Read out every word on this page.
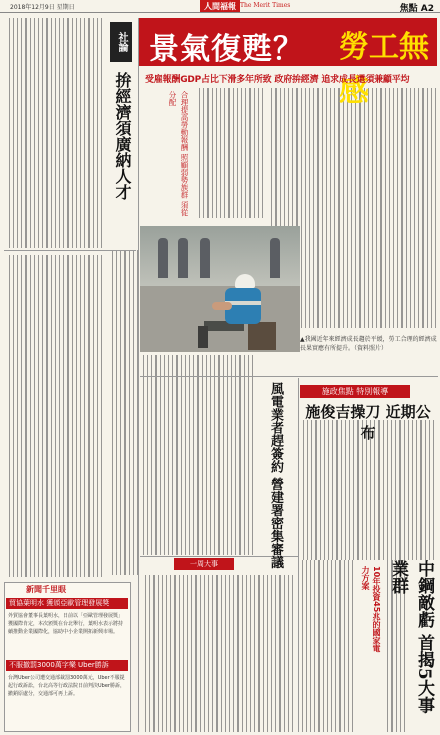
2018年12月9日 星期日	人間福報 The Merit Times	焦點 A2
社論
拚經濟須廣納人才
景氣復甦？ 勞工無感
受雇報酬GDP占比下滑多年所致 政府拚經濟 追求成長還須兼顧平均
合理提高勞動報酬 照顧弱勢族群 須從分配
▲我國近年來經濟成長趨於平緩，勞工合理的經濟成長果實應有所提升。（資料照片）
風電業者趕簽約 營建署密集審議	施政焦點 特別報導
施俊吉操刀 近期公布
10年投資45兆的國家電力方案	中鋼敵虧 首揭5大事業群
一周大事
新聞千里眼
貿協葉明水 獲頒亞歐管理發展獎
外貿協會董事長葉明水，日前以「亞歐管理發展獎」獲國際肯定，本次頒獎在台北舉行，葉明水表示將持續推動企業國際化，協助中小企業開拓新興市場。
不服撤罰3000萬字樂 Uber勝訴
台灣Uber公司遭交通部裁罰3000萬元，Uber不服提起行政訴訟，台北高等行政法院日前判決Uber勝訴，撤銷原處分，交通部可再上訴。
